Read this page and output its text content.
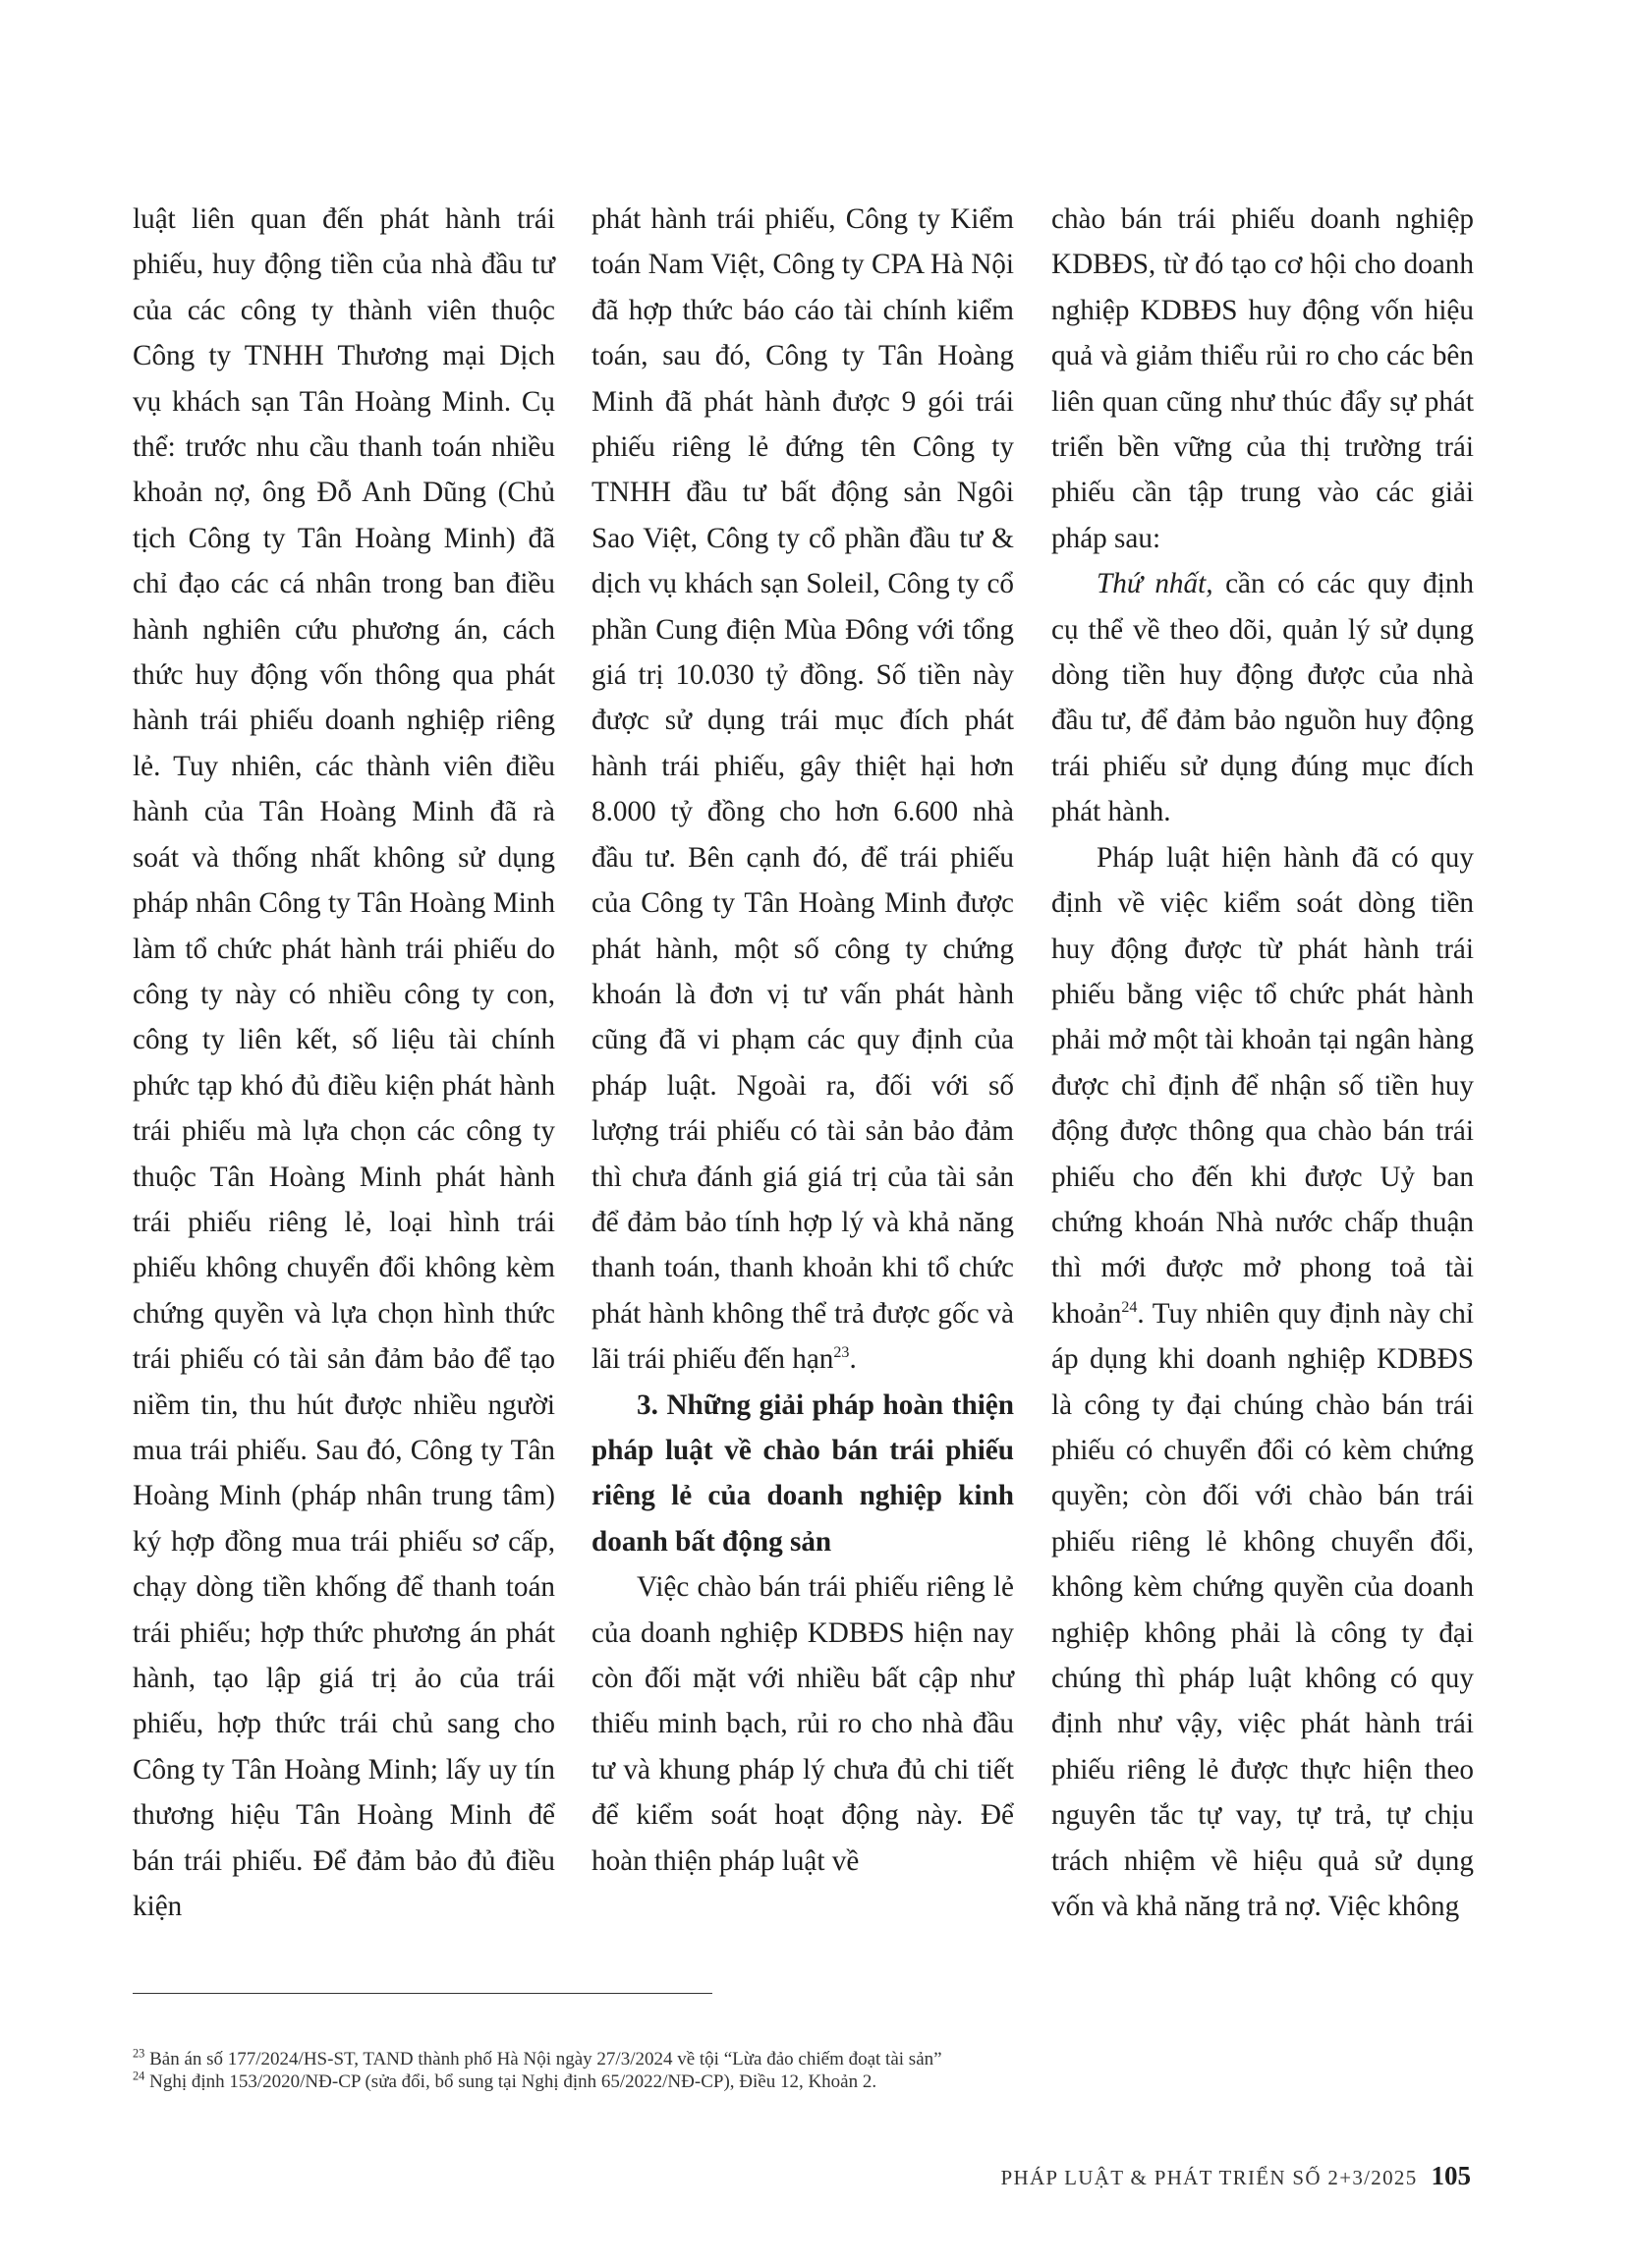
luật liên quan đến phát hành trái phiếu, huy động tiền của nhà đầu tư của các công ty thành viên thuộc Công ty TNHH Thương mại Dịch vụ khách sạn Tân Hoàng Minh. Cụ thể: trước nhu cầu thanh toán nhiều khoản nợ, ông Đỗ Anh Dũng (Chủ tịch Công ty Tân Hoàng Minh) đã chỉ đạo các cá nhân trong ban điều hành nghiên cứu phương án, cách thức huy động vốn thông qua phát hành trái phiếu doanh nghiệp riêng lẻ. Tuy nhiên, các thành viên điều hành của Tân Hoàng Minh đã rà soát và thống nhất không sử dụng pháp nhân Công ty Tân Hoàng Minh làm tổ chức phát hành trái phiếu do công ty này có nhiều công ty con, công ty liên kết, số liệu tài chính phức tạp khó đủ điều kiện phát hành trái phiếu mà lựa chọn các công ty thuộc Tân Hoàng Minh phát hành trái phiếu riêng lẻ, loại hình trái phiếu không chuyển đổi không kèm chứng quyền và lựa chọn hình thức trái phiếu có tài sản đảm bảo để tạo niềm tin, thu hút được nhiều người mua trái phiếu. Sau đó, Công ty Tân Hoàng Minh (pháp nhân trung tâm) ký hợp đồng mua trái phiếu sơ cấp, chạy dòng tiền khống để thanh toán trái phiếu; hợp thức phương án phát hành, tạo lập giá trị ảo của trái phiếu, hợp thức trái chủ sang cho Công ty Tân Hoàng Minh; lấy uy tín thương hiệu Tân Hoàng Minh để bán trái phiếu. Để đảm bảo đủ điều kiện

phát hành trái phiếu, Công ty Kiểm toán Nam Việt, Công ty CPA Hà Nội đã hợp thức báo cáo tài chính kiểm toán, sau đó, Công ty Tân Hoàng Minh đã phát hành được 9 gói trái phiếu riêng lẻ đứng tên Công ty TNHH đầu tư bất động sản Ngôi Sao Việt, Công ty cổ phần đầu tư & dịch vụ khách sạn Soleil, Công ty cổ phần Cung điện Mùa Đông với tổng giá trị 10.030 tỷ đồng. Số tiền này được sử dụng trái mục đích phát hành trái phiếu, gây thiệt hại hơn 8.000 tỷ đồng cho hơn 6.600 nhà đầu tư. Bên cạnh đó, để trái phiếu của Công ty Tân Hoàng Minh được phát hành, một số công ty chứng khoán là đơn vị tư vấn phát hành cũng đã vi phạm các quy định của pháp luật. Ngoài ra, đối với số lượng trái phiếu có tài sản bảo đảm thì chưa đánh giá giá trị của tài sản để đảm bảo tính hợp lý và khả năng thanh toán, thanh khoản khi tổ chức phát hành không thể trả được gốc và lãi trái phiếu đến hạn$^{23}$.

3. Những giải pháp hoàn thiện pháp luật về chào bán trái phiếu riêng lẻ của doanh nghiệp kinh doanh bất động sản

Việc chào bán trái phiếu riêng lẻ của doanh nghiệp KDBĐS hiện nay còn đối mặt với nhiều bất cập như thiếu minh bạch, rủi ro cho nhà đầu tư và khung pháp lý chưa đủ chi tiết để kiểm soát hoạt động này. Để hoàn thiện pháp luật về

chào bán trái phiếu doanh nghiệp KDBĐS, từ đó tạo cơ hội cho doanh nghiệp KDBĐS huy động vốn hiệu quả và giảm thiểu rủi ro cho các bên liên quan cũng như thúc đẩy sự phát triển bền vững của thị trường trái phiếu cần tập trung vào các giải pháp sau:

Thứ nhất, cần có các quy định cụ thể về theo dõi, quản lý sử dụng dòng tiền huy động được của nhà đầu tư, để đảm bảo nguồn huy động trái phiếu sử dụng đúng mục đích phát hành.

Pháp luật hiện hành đã có quy định về việc kiểm soát dòng tiền huy động được từ phát hành trái phiếu bằng việc tổ chức phát hành phải mở một tài khoản tại ngân hàng được chỉ định để nhận số tiền huy động được thông qua chào bán trái phiếu cho đến khi được Uỷ ban chứng khoán Nhà nước chấp thuận thì mới được mở phong toả tài khoản$^{24}$. Tuy nhiên quy định này chỉ áp dụng khi doanh nghiệp KDBĐS là công ty đại chúng chào bán trái phiếu có chuyển đổi có kèm chứng quyền; còn đối với chào bán trái phiếu riêng lẻ không chuyển đổi, không kèm chứng quyền của doanh nghiệp không phải là công ty đại chúng thì pháp luật không có quy định như vậy, việc phát hành trái phiếu riêng lẻ được thực hiện theo nguyên tắc tự vay, tự trả, tự chịu trách nhiệm về hiệu quả sử dụng vốn và khả năng trả nợ. Việc không

$^{23}$ Bản án số 177/2024/HS-ST, TAND thành phố Hà Nội ngày 27/3/2024 về tội “Lừa đảo chiếm đoạt tài sản”
$^{24}$ Nghị định 153/2020/NĐ-CP (sửa đổi, bổ sung tại Nghị định 65/2022/NĐ-CP), Điều 12, Khoản 2.
PHÁP LUẬT & PHÁT TRIỂN SỐ 2+3/2025 105
